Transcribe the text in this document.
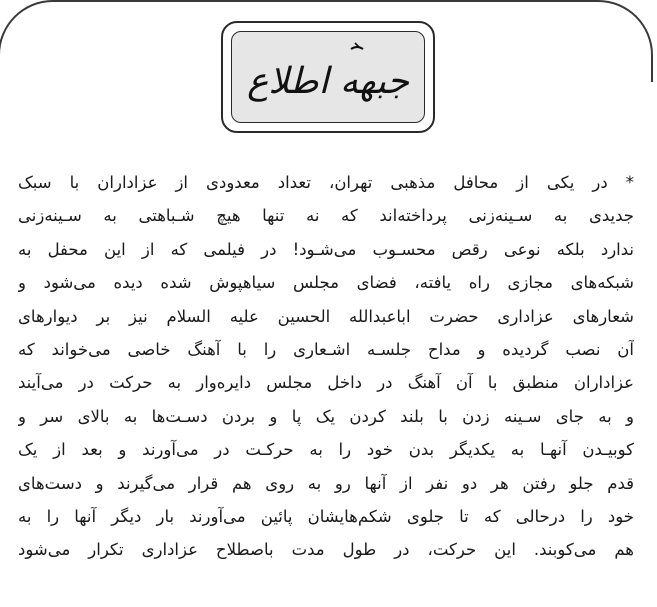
جبهه اطلاع
* در یکی از محافل مذهبی تهران، تعداد معدودی از عزاداران با سبک
جدیدی به سـینه‌زنی پرداخته‌اند که نه تنها هیچ شـباهتی به سـینه‌زنی
ندارد بلکه نوعی رقص محسـوب می‌شـود! در فیلمی که از این محفل به
شبکه‌های مجازی راه یافته، فضای مجلس سیاهپوش شده دیده می‌شود و
شعارهای عزاداری حضرت اباعبدالله الحسین علیه السلام نیز بر دیوارهای
آن نصب گردیده و مداح جلسـه اشـعاری را با آهنگ خاصی می‌خواند که
عزاداران منطبق با آن آهنگ در داخل مجلس دایره‌وار به حرکت در می‌آیند
و به جای سـینه زدن با بلند کردن یک پا و بردن دسـت‌ها به بالای سر و
کوبیـدن آنهـا به یکدیگر بدن خود را به حرکـت در می‌آورند و بعد از یک
قدم جلو رفتن هر دو نفر از آنها رو به روی هم قرار می‌گیرند و دست‌های
خود را درحالی که تا جلوی شکم‌هایشان پائین می‌آورند بار دیگر آنها را به
هم می‌کوبند. این حرکت، در طول مدت باصطلاح عزاداری تکرار می‌شود
